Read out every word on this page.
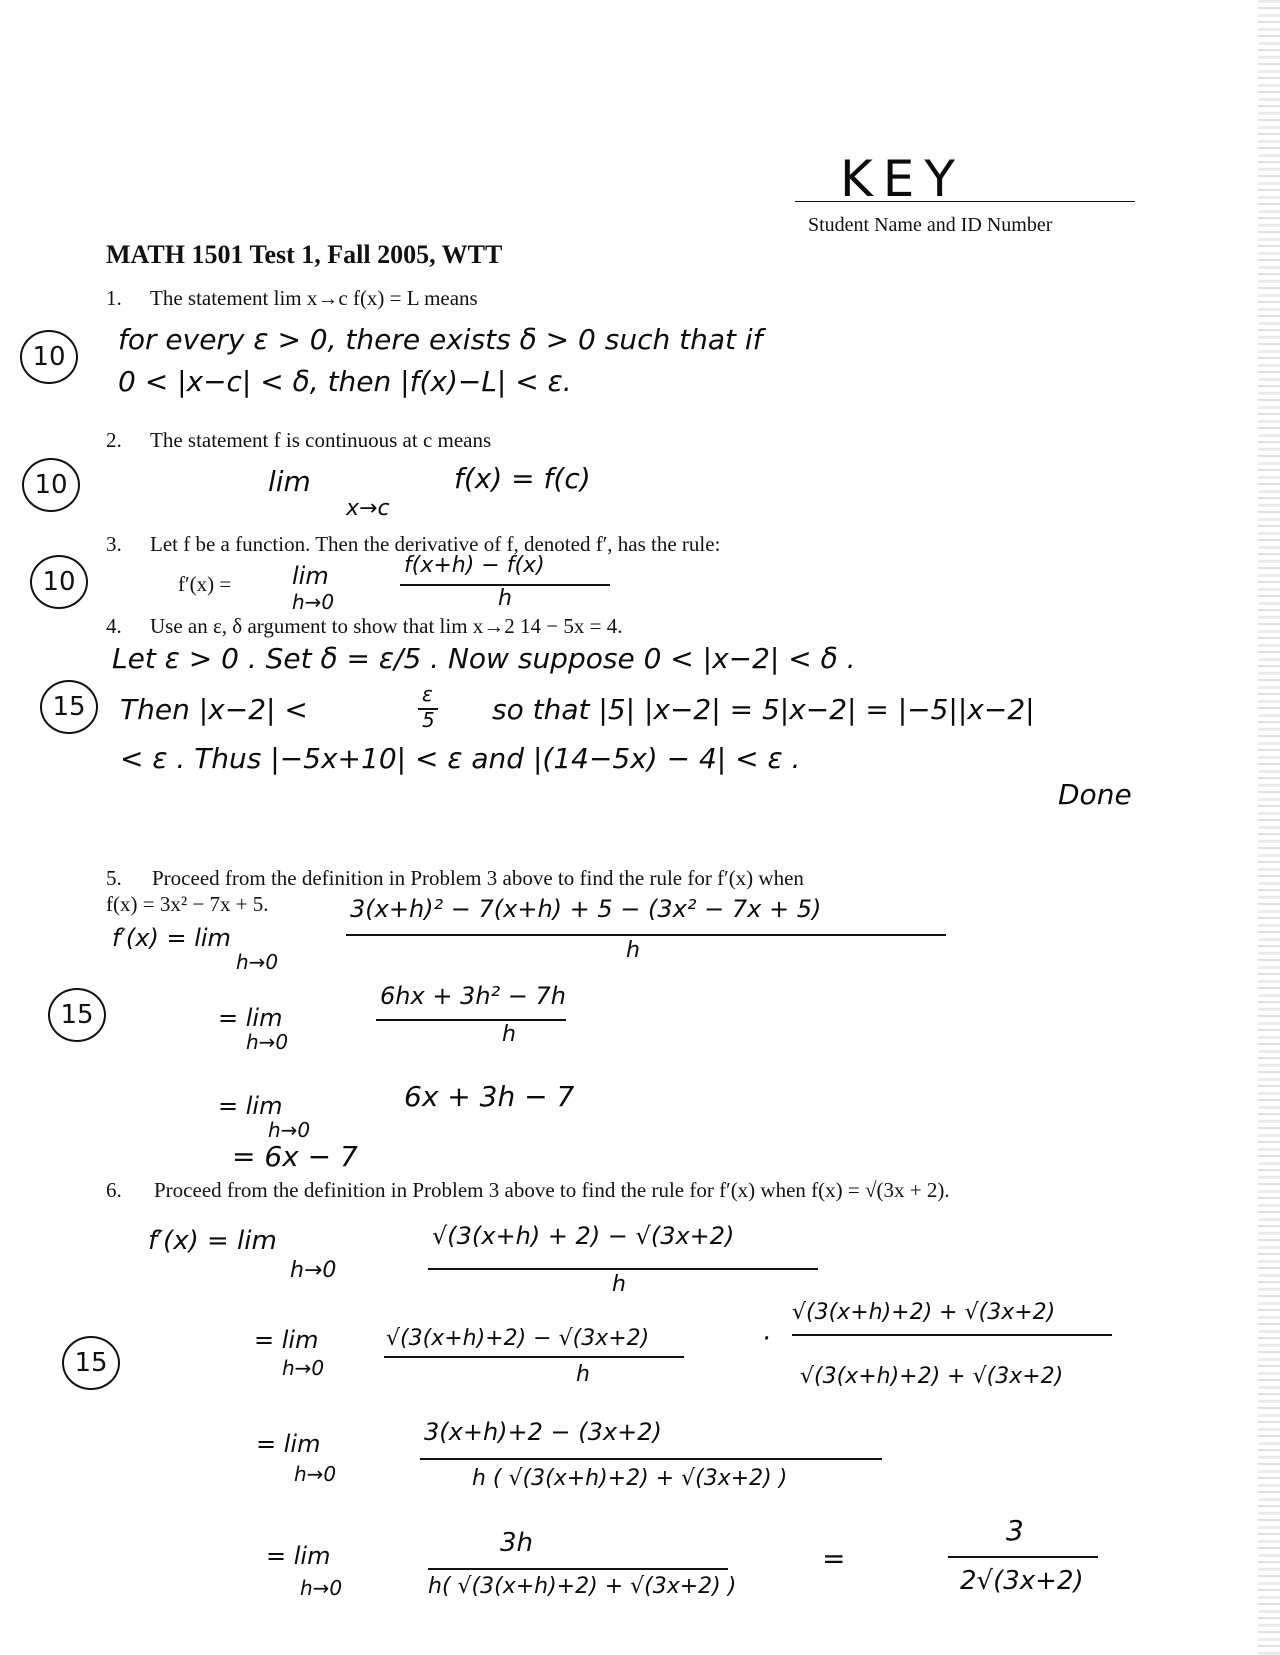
KEY
Student Name and ID Number
MATH 1501 Test 1, Fall 2005, WTT
1. The statement lim x→c f(x) = L means
10
for every ε > 0, there exists δ > 0 such that if
0 < |x−c| < δ, then |f(x)−L| < ε.
2. The statement f is continuous at c means
10	lim
x→c
f(x) = f(c)
3. Let f be a function. Then the derivative of f, denoted f′, has the rule:
10	f′(x) =	lim
h→0
f(x+h) − f(x)
h
4. Use an ε, δ argument to show that lim x→2 14 − 5x = 4.
15
Let ε > 0 . Set δ = ε/5 . Now suppose 0 < |x−2| < δ .
Then |x−2| <	ε
5 so that |5| |x−2| = 5|x−2| = |−5||x−2|
< ε . Thus |−5x+10| < ε and |(14−5x) − 4| < ε .
Done
5. Proceed from the definition in Problem 3 above to find the rule for f′(x) when
f(x) = 3x² − 7x + 5.
15
f′(x) = lim
h→0
3(x+h)² − 7(x+h) + 5 − (3x² − 7x + 5)
h
= lim
h→0
6hx + 3h² − 7h
h
= lim
h→0
6x + 3h − 7
= 6x − 7
6. Proceed from the definition in Problem 3 above to find the rule for f′(x) when f(x) = √(3x + 2).
15
f′(x) = lim
h→0
√(3(x+h) + 2) − √(3x+2)
h
= lim
h→0
√(3(x+h)+2) − √(3x+2)
h
·
√(3(x+h)+2) + √(3x+2)
√(3(x+h)+2) + √(3x+2)
= lim
h→0
3(x+h)+2 − (3x+2)
h ( √(3(x+h)+2) + √(3x+2) )
= lim
h→0
3h
h( √(3(x+h)+2) + √(3x+2) )
=
3
2√(3x+2)
